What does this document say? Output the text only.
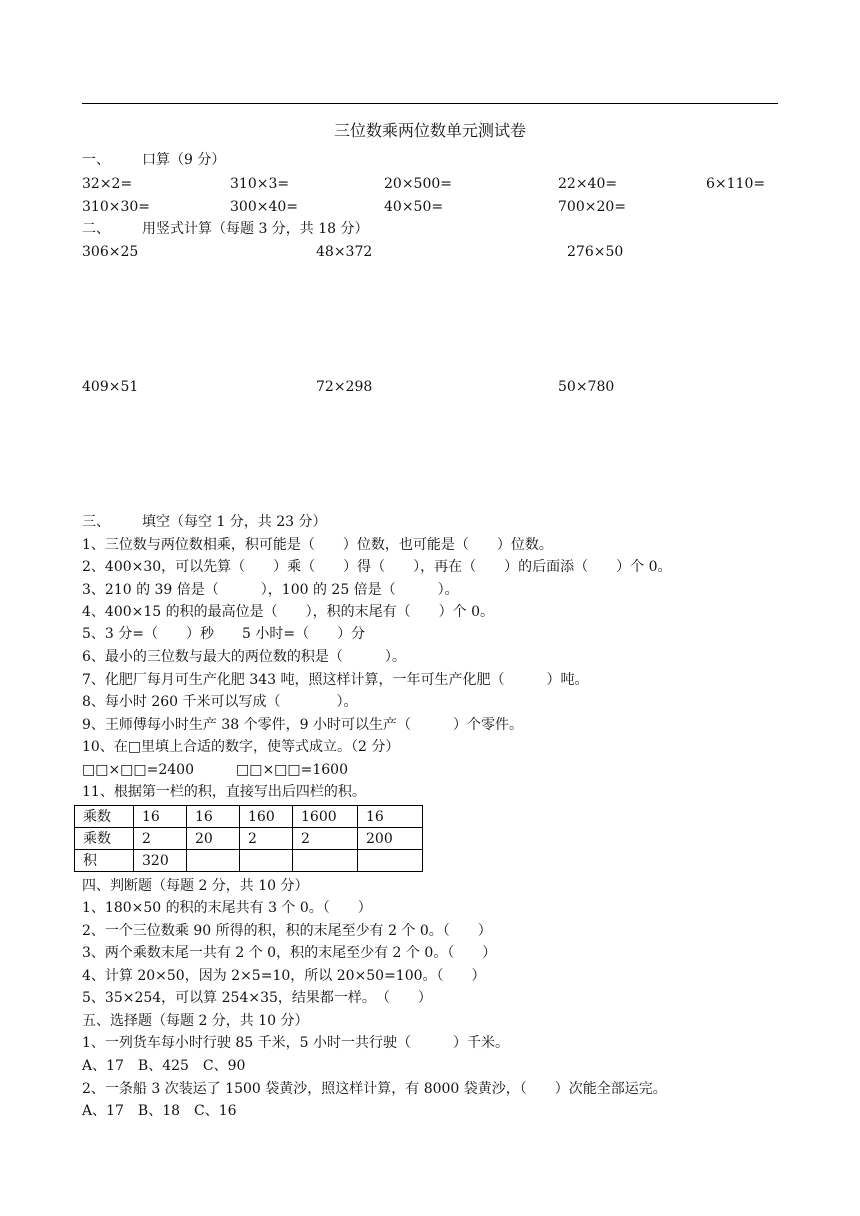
三位数乘两位数单元测试卷
一、 口算（9 分）
32×2=	310×3=	20×500=	22×40=	6×110=
310×30=	300×40=	40×50=	700×20=
二、 用竖式计算（每题 3 分，共 18 分）
306×25	48×372	276×50
409×51	72×298	50×780
三、 填空（每空 1 分，共 23 分）
1、三位数与两位数相乘，积可能是（　　）位数，也可能是（　　）位数。
2、400×30，可以先算（　　）乘（　　）得（　　），再在（　　）的后面添（　　）个 0。
3、210 的 39 倍是（　　　），100 的 25 倍是（　　　）。
4、400×15 的积的最高位是（　　），积的末尾有（　　）个 0。
5、3 分=（　　）秒　　5 小时=（　　）分
6、最小的三位数与最大的两位数的积是（　　　）。
7、化肥厂每月可生产化肥 343 吨，照这样计算，一年可生产化肥（　　　）吨。
8、每小时 260 千米可以写成（　　　　）。
9、王师傅每小时生产 38 个零件，9 小时可以生产（　　　）个零件。
10、在□里填上合适的数字，使等式成立。（2 分）
□□×□□=2400　　　□□×□□=1600
11、根据第一栏的积，直接写出后四栏的积。
乘数	16	16	160	1600	16
乘数	2	20	2	2	200
积	320				
四、判断题（每题 2 分，共 10 分）
1、180×50 的积的末尾共有 3 个 0。（　　）
2、一个三位数乘 90 所得的积，积的末尾至少有 2 个 0。（　　）
3、两个乘数末尾一共有 2 个 0，积的末尾至少有 2 个 0。（　　）
4、计算 20×50，因为 2×5=10，所以 20×50=100。（　　）
5、35×254，可以算 254×35，结果都一样。　（　　）
五、选择题（每题 2 分，共 10 分）
1、一列货车每小时行驶 85 千米，5 小时一共行驶（　　　）千米。
A、17　B、425　C、90
2、一条船 3 次装运了 1500 袋黄沙，照这样计算，有 8000 袋黄沙，（　　）次能全部运完。
A、17　B、18　C、16
